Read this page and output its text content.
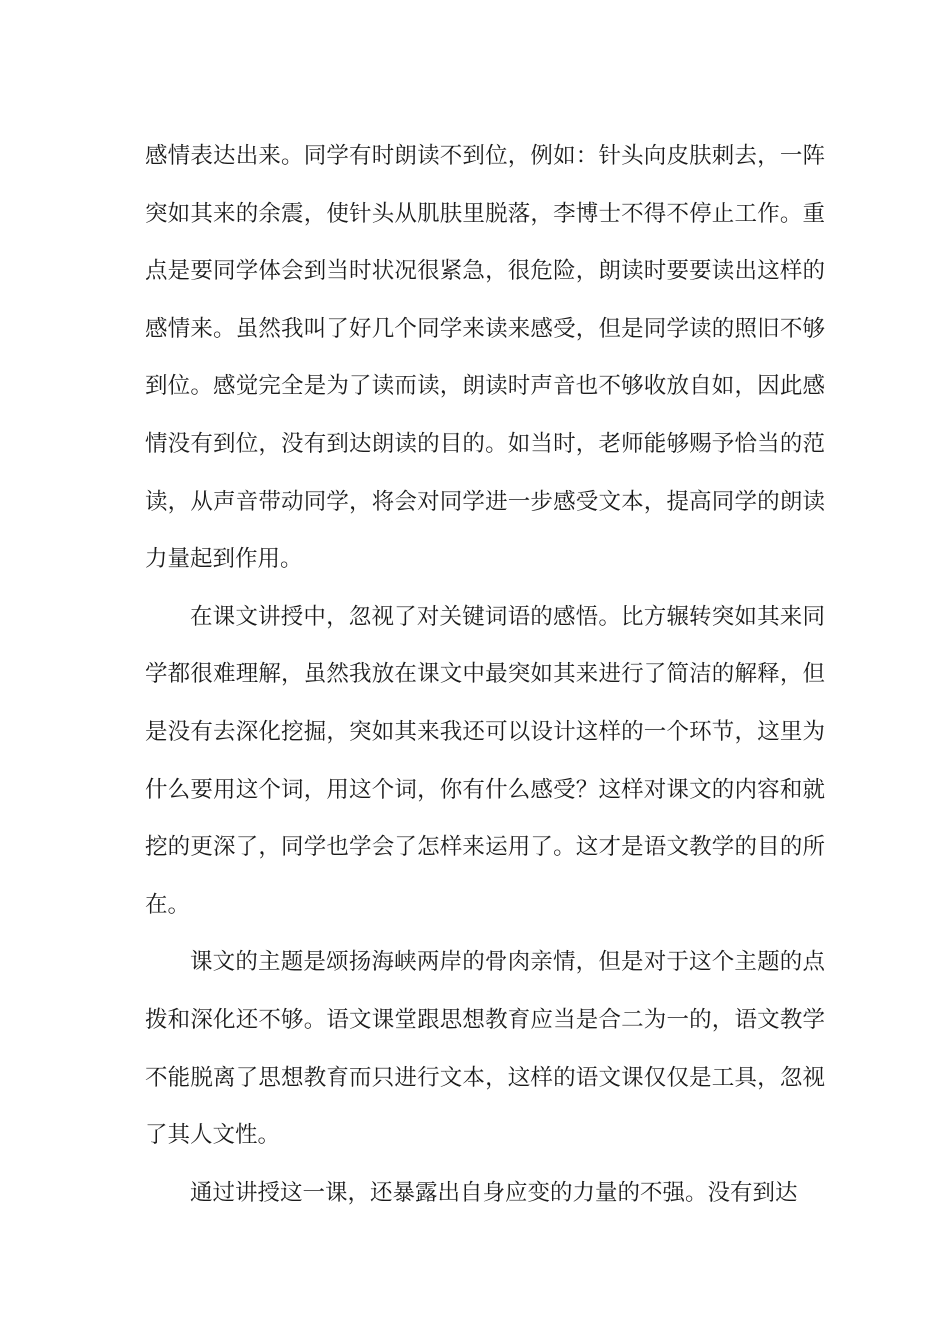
感情表达出来。同学有时朗读不到位，例如：针头向皮肤刺去，一阵突如其来的余震，使针头从肌肤里脱落，李博士不得不停止工作。重点是要同学体会到当时状况很紧急，很危险，朗读时要要读出这样的感情来。虽然我叫了好几个同学来读来感受，但是同学读的照旧不够到位。感觉完全是为了读而读，朗读时声音也不够收放自如，因此感情没有到位，没有到达朗读的目的。如当时，老师能够赐予恰当的范读，从声音带动同学，将会对同学进一步感受文本，提高同学的朗读力量起到作用。

在课文讲授中，忽视了对关键词语的感悟。比方辗转突如其来同学都很难理解，虽然我放在课文中最突如其来进行了简洁的解释，但是没有去深化挖掘，突如其来我还可以设计这样的一个环节，这里为什么要用这个词，用这个词，你有什么感受？这样对课文的内容和就挖的更深了，同学也学会了怎样来运用了。这才是语文教学的目的所在。

课文的主题是颂扬海峡两岸的骨肉亲情，但是对于这个主题的点拨和深化还不够。语文课堂跟思想教育应当是合二为一的，语文教学不能脱离了思想教育而只进行文本，这样的语文课仅仅是工具，忽视了其人文性。

通过讲授这一课，还暴露出自身应变的力量的不强。没有到达
